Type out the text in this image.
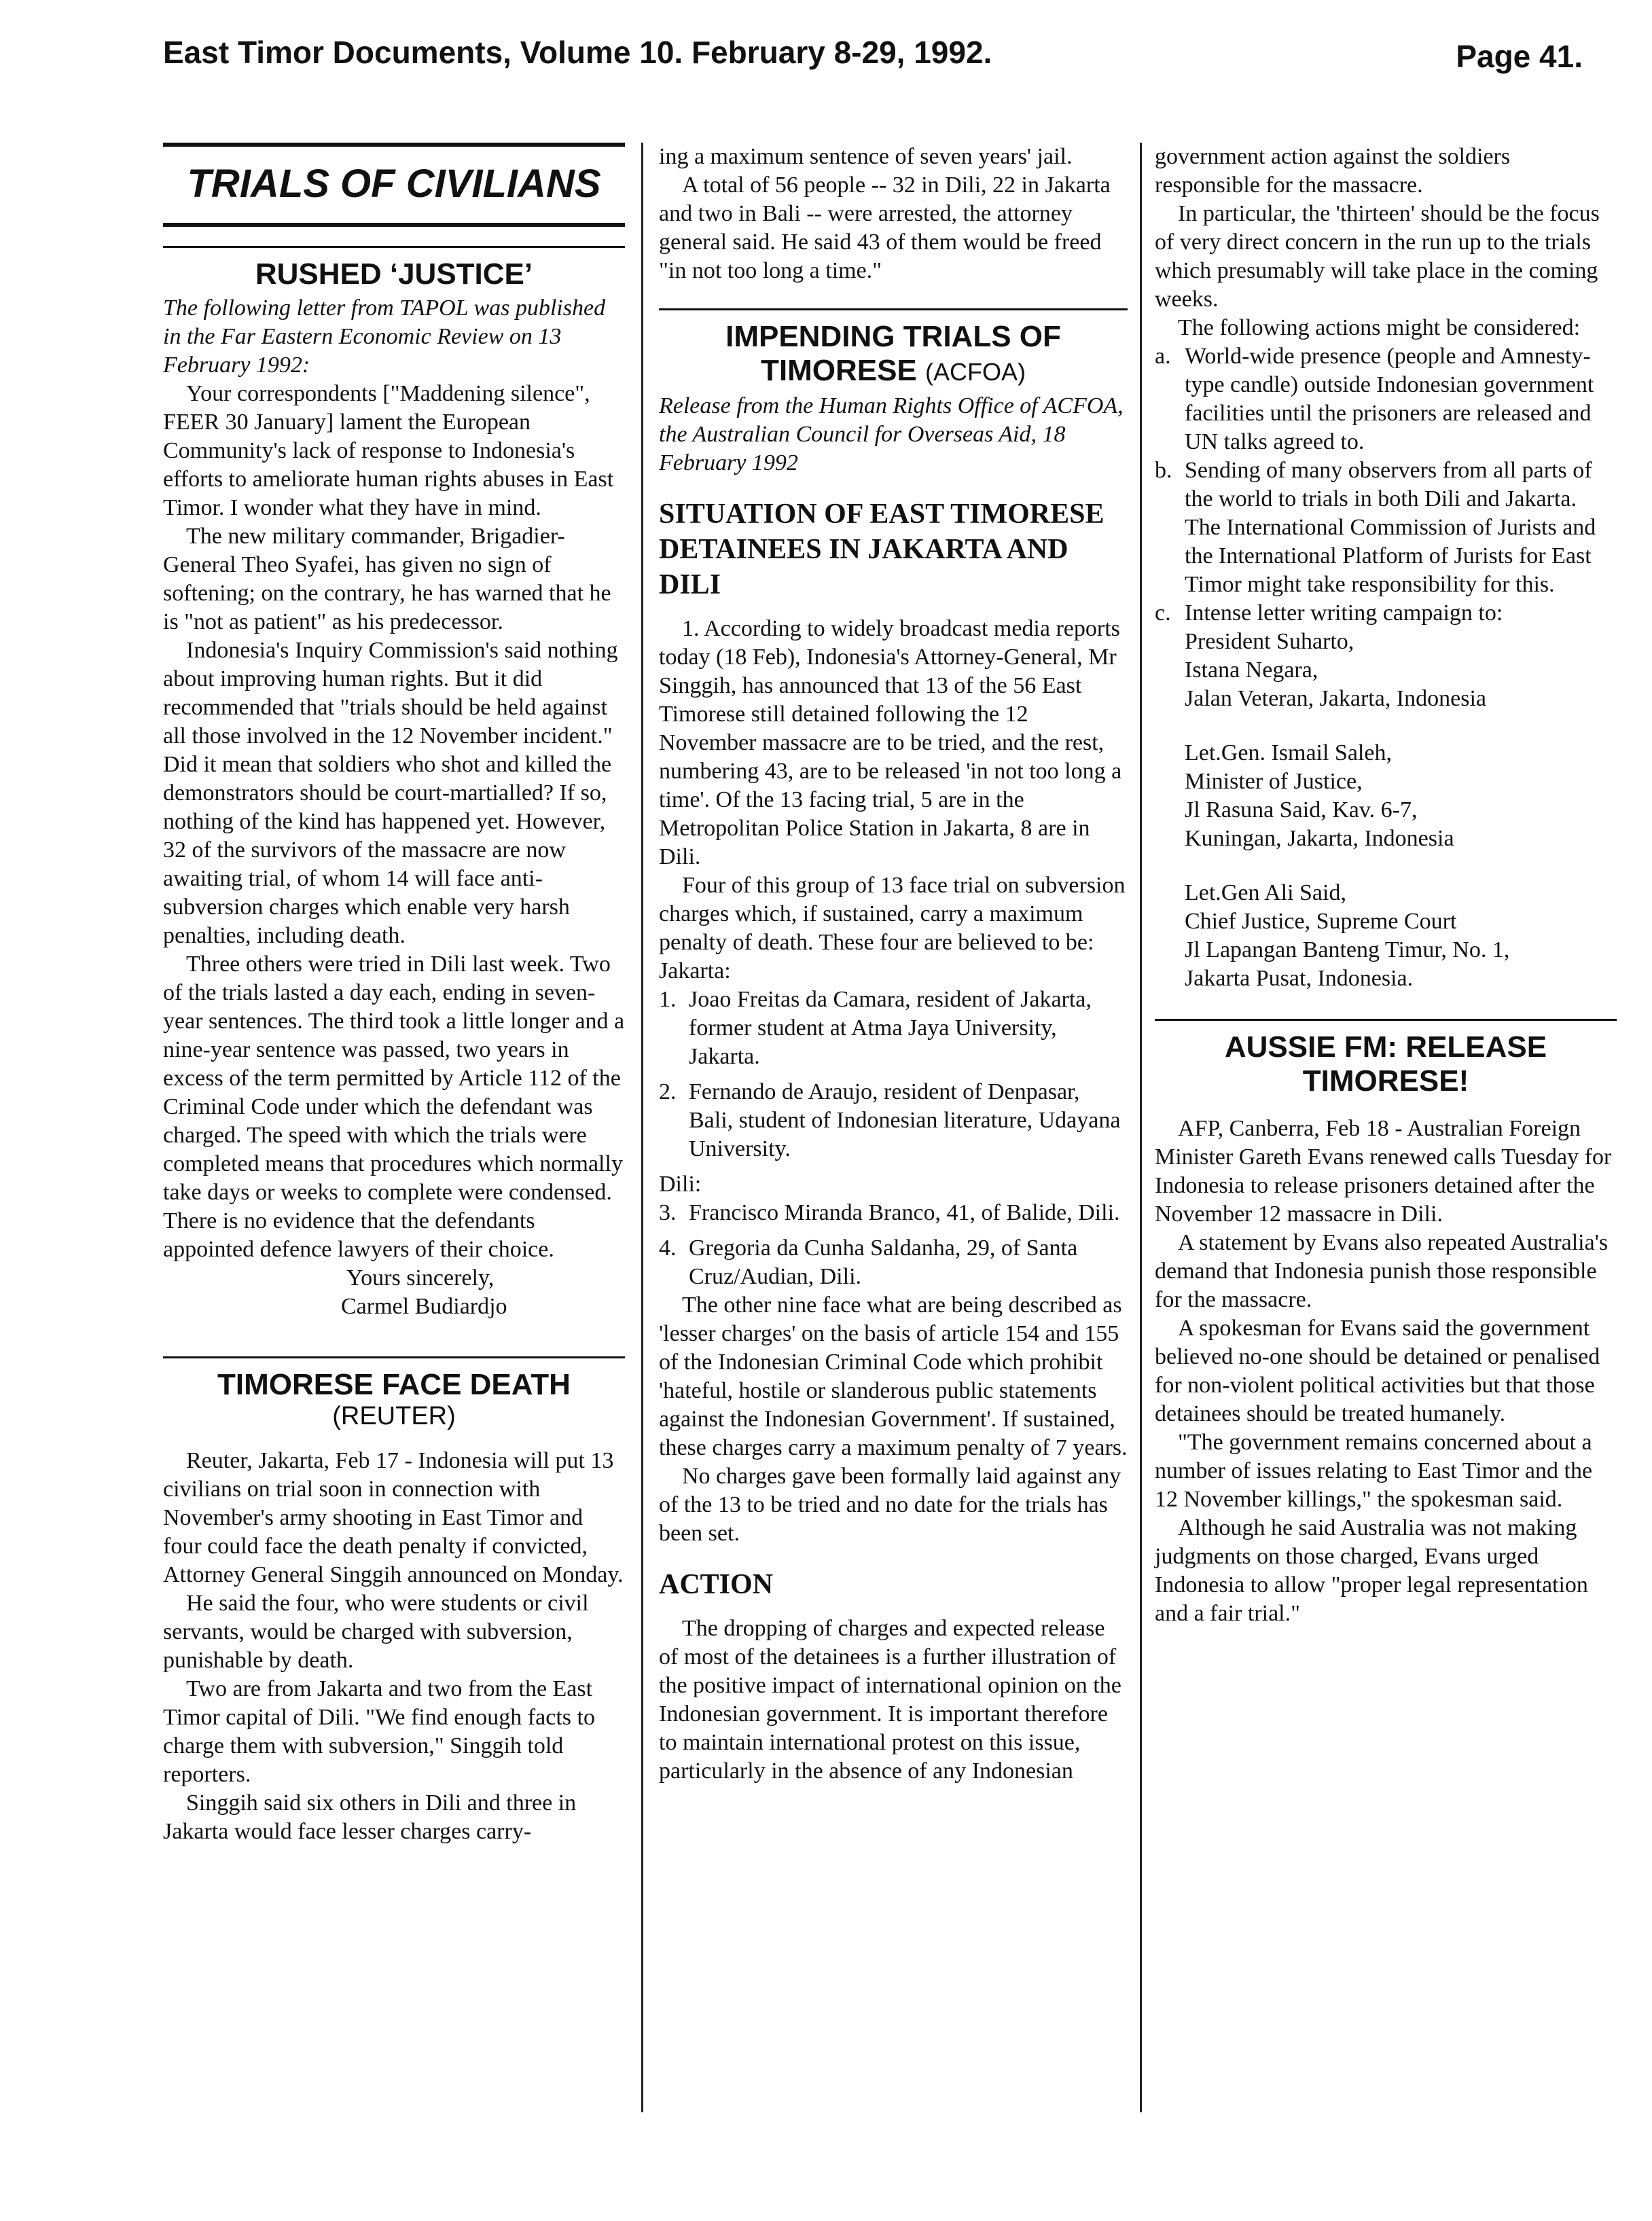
East Timor Documents, Volume 10. February 8-29, 1992.	Page 41.
TRIALS OF CIVILIANS
RUSHED ‘JUSTICE’

The following letter from TAPOL was published in the Far Eastern Economic Review on 13 February 1992:

Your correspondents ["Maddening silence", FEER 30 January] lament the European Community's lack of response to Indonesia's efforts to ameliorate human rights abuses in East Timor. I wonder what they have in mind.

The new military commander, Brigadier-General Theo Syafei, has given no sign of softening; on the contrary, he has warned that he is "not as patient" as his predecessor.

Indonesia's Inquiry Commission's said nothing about improving human rights. But it did recommended that "trials should be held against all those involved in the 12 November incident." Did it mean that soldiers who shot and killed the demonstrators should be court-martialled? If so, nothing of the kind has happened yet. However, 32 of the survivors of the massacre are now awaiting trial, of whom 14 will face anti-subversion charges which enable very harsh penalties, including death.

Three others were tried in Dili last week. Two of the trials lasted a day each, ending in seven-year sentences. The third took a little longer and a nine-year sentence was passed, two years in excess of the term permitted by Article 112 of the Criminal Code under which the defendant was charged. The speed with which the trials were completed means that procedures which normally take days or weeks to complete were condensed. There is no evidence that the defendants appointed defence lawyers of their choice.

Yours sincerely,

Carmel Budiardjo

TIMORESE FACE DEATH
(REUTER)

Reuter, Jakarta, Feb 17 - Indonesia will put 13 civilians on trial soon in connection with November's army shooting in East Timor and four could face the death penalty if convicted, Attorney General Singgih announced on Monday.

He said the four, who were students or civil servants, would be charged with subversion, punishable by death.

Two are from Jakarta and two from the East Timor capital of Dili. "We find enough facts to charge them with subversion," Singgih told reporters.

Singgih said six others in Dili and three in Jakarta would face lesser charges carry-

ing a maximum sentence of seven years' jail.

A total of 56 people -- 32 in Dili, 22 in Jakarta and two in Bali -- were arrested, the attorney general said. He said 43 of them would be freed "in not too long a time."

IMPENDING TRIALS OF TIMORESE (ACFOA)

Release from the Human Rights Office of ACFOA, the Australian Council for Overseas Aid, 18 February 1992

SITUATION OF EAST TIMORESE DETAINEES IN JAKARTA AND DILI

1. According to widely broadcast media reports today (18 Feb), Indonesia's Attorney-General, Mr Singgih, has announced that 13 of the 56 East Timorese still detained following the 12 November massacre are to be tried, and the rest, numbering 43, are to be released 'in not too long a time'. Of the 13 facing trial, 5 are in the Metropolitan Police Station in Jakarta, 8 are in Dili.

Four of this group of 13 face trial on subversion charges which, if sustained, carry a maximum penalty of death. These four are believed to be:

Jakarta:

1. Joao Freitas da Camara, resident of Jakarta, former student at Atma Jaya University, Jakarta.
2. Fernando de Araujo, resident of Denpasar, Bali, student of Indonesian literature, Udayana University.

Dili:

3. Francisco Miranda Branco, 41, of Balide, Dili.
4. Gregoria da Cunha Saldanha, 29, of Santa Cruz/Audian, Dili.

The other nine face what are being described as 'lesser charges' on the basis of article 154 and 155 of the Indonesian Criminal Code which prohibit 'hateful, hostile or slanderous public statements against the Indonesian Government'. If sustained, these charges carry a maximum penalty of 7 years.

No charges gave been formally laid against any of the 13 to be tried and no date for the trials has been set.

ACTION

The dropping of charges and expected release of most of the detainees is a further illustration of the positive impact of international opinion on the Indonesian government. It is important therefore to maintain international protest on this issue, particularly in the absence of any Indonesian

government action against the soldiers responsible for the massacre.

In particular, the 'thirteen' should be the focus of very direct concern in the run up to the trials which presumably will take place in the coming weeks.

The following actions might be considered:

a. World-wide presence (people and Amnesty-type candle) outside Indonesian government facilities until the prisoners are released and UN talks agreed to.
b. Sending of many observers from all parts of the world to trials in both Dili and Jakarta. The International Commission of Jurists and the International Platform of Jurists for East Timor might take responsibility for this.
c. Intense letter writing campaign to:
President Suharto,
Istana Negara,
Jalan Veteran, Jakarta, Indonesia
Let.Gen. Ismail Saleh,
Minister of Justice,
Jl Rasuna Said, Kav. 6-7,
Kuningan, Jakarta, Indonesia
Let.Gen Ali Said,
Chief Justice, Supreme Court
Jl Lapangan Banteng Timur, No. 1,
Jakarta Pusat, Indonesia.
AUSSIE FM: RELEASE TIMORESE!

AFP, Canberra, Feb 18 - Australian Foreign Minister Gareth Evans renewed calls Tuesday for Indonesia to release prisoners detained after the November 12 massacre in Dili.

A statement by Evans also repeated Australia's demand that Indonesia punish those responsible for the massacre.

A spokesman for Evans said the government believed no-one should be detained or penalised for non-violent political activities but that those detainees should be treated humanely.

"The government remains concerned about a number of issues relating to East Timor and the 12 November killings," the spokesman said.

Although he said Australia was not making judgments on those charged, Evans urged Indonesia to allow "proper legal representation and a fair trial."
